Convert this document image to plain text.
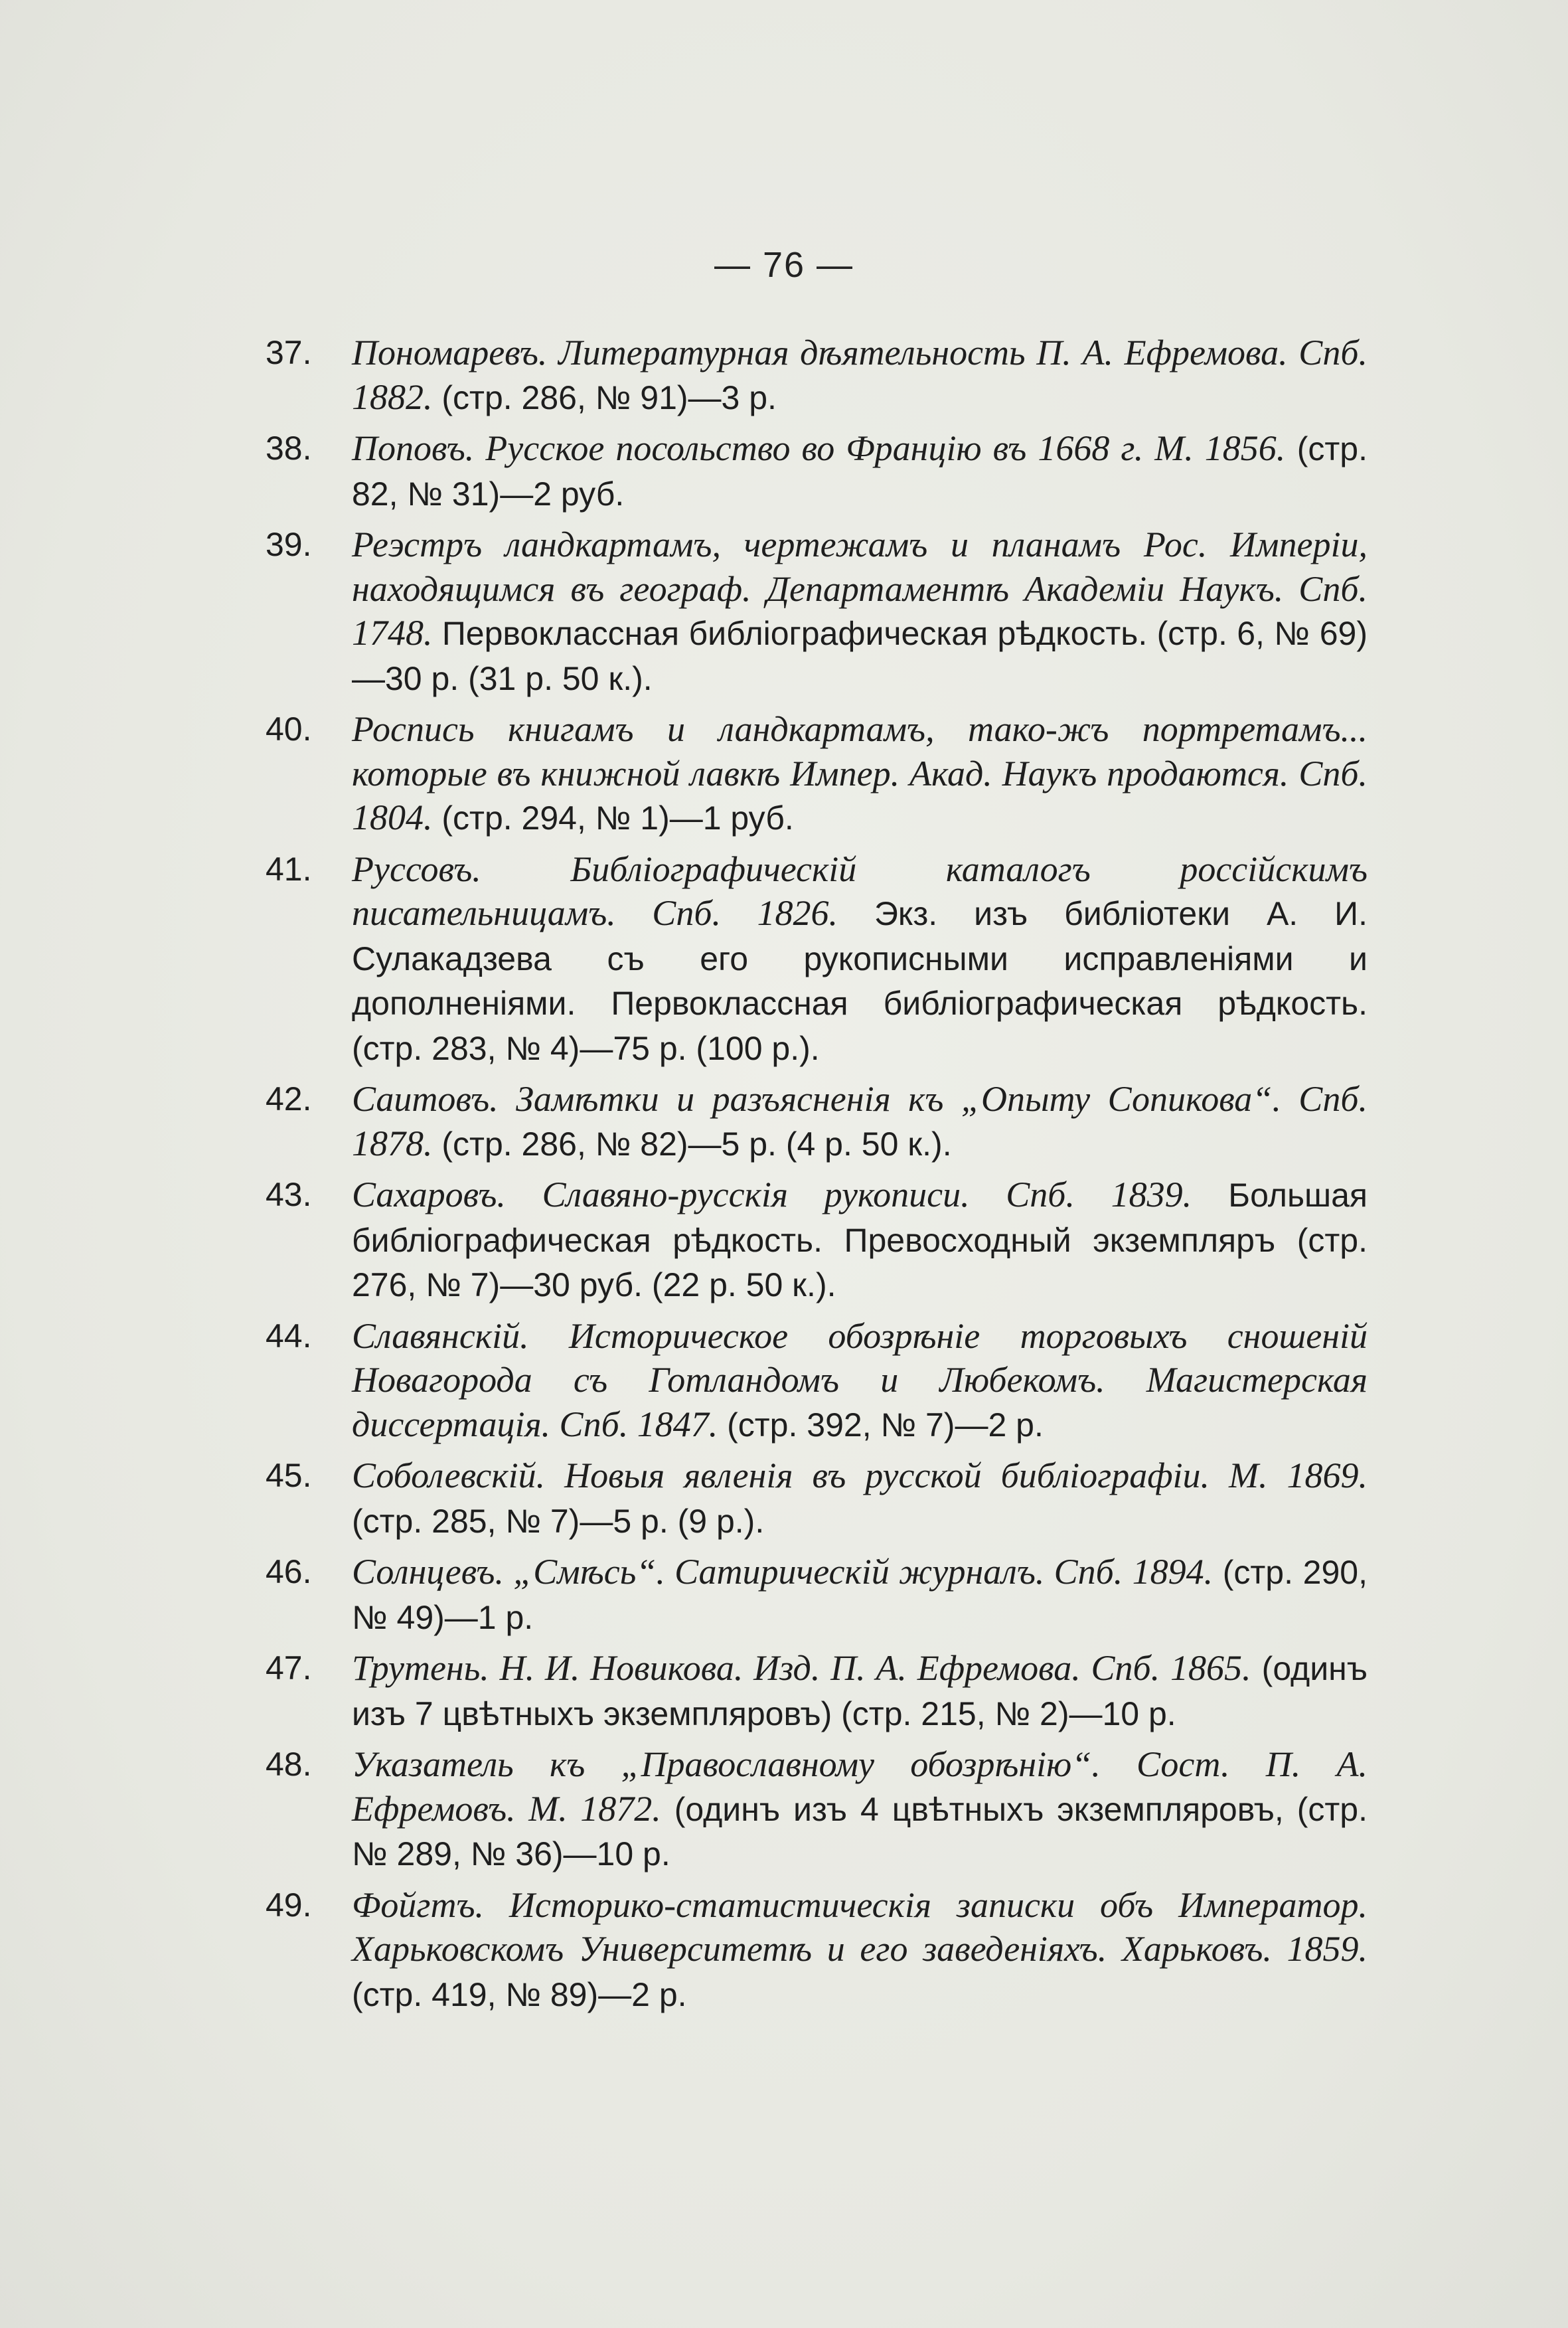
— 76 —
37.	Пономаревъ. Литературная дѣятельность П. А. Ефремова. Спб. 1882. (стр. 286, № 91)—3 р.
38.	Поповъ. Русское посольство во Францію въ 1668 г. М. 1856. (стр. 82, № 31)—2 руб.
39.	Реэстръ ландкартамъ, чертежамъ и планамъ Рос. Имперіи, находящимся въ географ. Департаментѣ Академіи Наукъ. Спб. 1748. Первоклассная библіографическая рѣдкость. (стр. 6, № 69)—30 р. (31 р. 50 к.).
40.	Роспись книгамъ и ландкартамъ, тако-жъ портретамъ... которые въ книжной лавкѣ Импер. Акад. Наукъ продаются. Спб. 1804. (стр. 294, № 1)—1 руб.
41.	Руссовъ. Библіографическій каталогъ россійскимъ писательницамъ. Спб. 1826. Экз. изъ библіотеки А. И. Сулакадзева съ его рукописными исправленіями и дополненіями. Первоклассная библіографическая рѣдкость. (стр. 283, № 4)—75 р. (100 р.).
42.	Саитовъ. Замѣтки и разъясненія къ „Опыту Сопикова“. Спб. 1878. (стр. 286, № 82)—5 р. (4 р. 50 к.).
43.	Сахаровъ. Славяно-русскія рукописи. Спб. 1839. Большая библіографическая рѣдкость. Превосходный экземпляръ (стр. 276, № 7)—30 руб. (22 р. 50 к.).
44.	Славянскій. Историческое обозрѣніе торговыхъ сношеній Новагорода съ Готландомъ и Любекомъ. Магистерская диссертація. Спб. 1847. (стр. 392, № 7)—2 р.
45.	Соболевскій. Новыя явленія въ русской библіографіи. М. 1869. (стр. 285, № 7)—5 р. (9 р.).
46.	Солнцевъ. „Смѣсь“. Сатирическій журналъ. Спб. 1894. (стр. 290, № 49)—1 р.
47.	Трутень. Н. И. Новикова. Изд. П. А. Ефремова. Спб. 1865. (одинъ изъ 7 цвѣтныхъ экземпляровъ) (стр. 215, № 2)—10 р.
48.	Указатель къ „Православному обозрѣнію“. Сост. П. А. Ефремовъ. М. 1872. (одинъ изъ 4 цвѣтныхъ экземпляровъ, (стр. № 289, № 36)—10 р.
49.	Фойгтъ. Историко-статистическія записки объ Император. Харьковскомъ Университетѣ и его заведеніяхъ. Харьковъ. 1859. (стр. 419, № 89)—2 р.
